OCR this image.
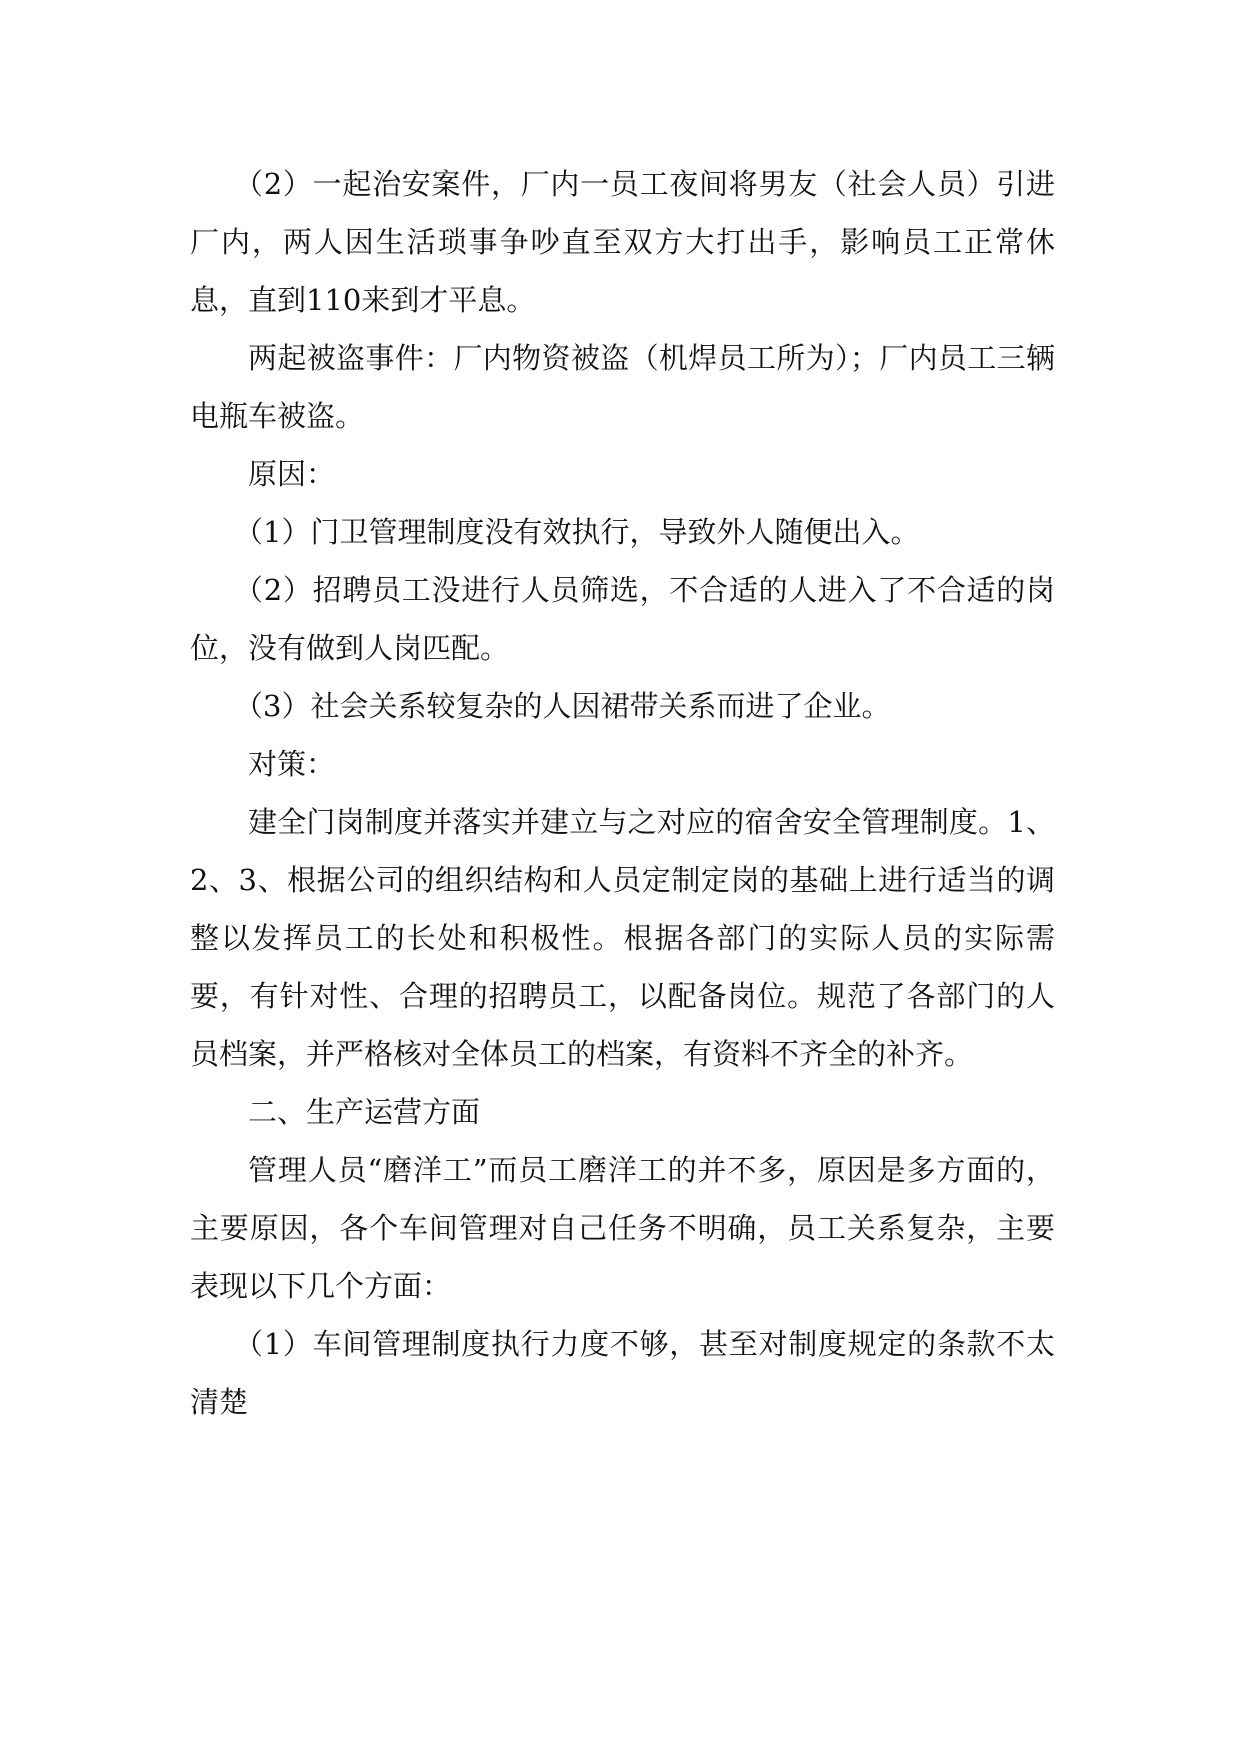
（2）一起治安案件，厂内一员工夜间将男友（社会人员）引进厂内，两人因生活琐事争吵直至双方大打出手，影响员工正常休息，直到110来到才平息。

两起被盗事件：厂内物资被盗（机焊员工所为）；厂内员工三辆电瓶车被盗。

原因：

（1）门卫管理制度没有效执行，导致外人随便出入。

（2）招聘员工没进行人员筛选，不合适的人进入了不合适的岗位，没有做到人岗匹配。

（3）社会关系较复杂的人因裙带关系而进了企业。

对策：

建全门岗制度并落实并建立与之对应的宿舍安全管理制度。1、2、3、根据公司的组织结构和人员定制定岗的基础上进行适当的调整以发挥员工的长处和积极性。根据各部门的实际人员的实际需要，有针对性、合理的招聘员工，以配备岗位。规范了各部门的人员档案，并严格核对全体员工的档案，有资料不齐全的补齐。

二、生产运营方面

管理人员“磨洋工”而员工磨洋工的并不多，原因是多方面的，主要原因，各个车间管理对自己任务不明确，员工关系复杂，主要表现以下几个方面：

（1）车间管理制度执行力度不够，甚至对制度规定的条款不太清楚
